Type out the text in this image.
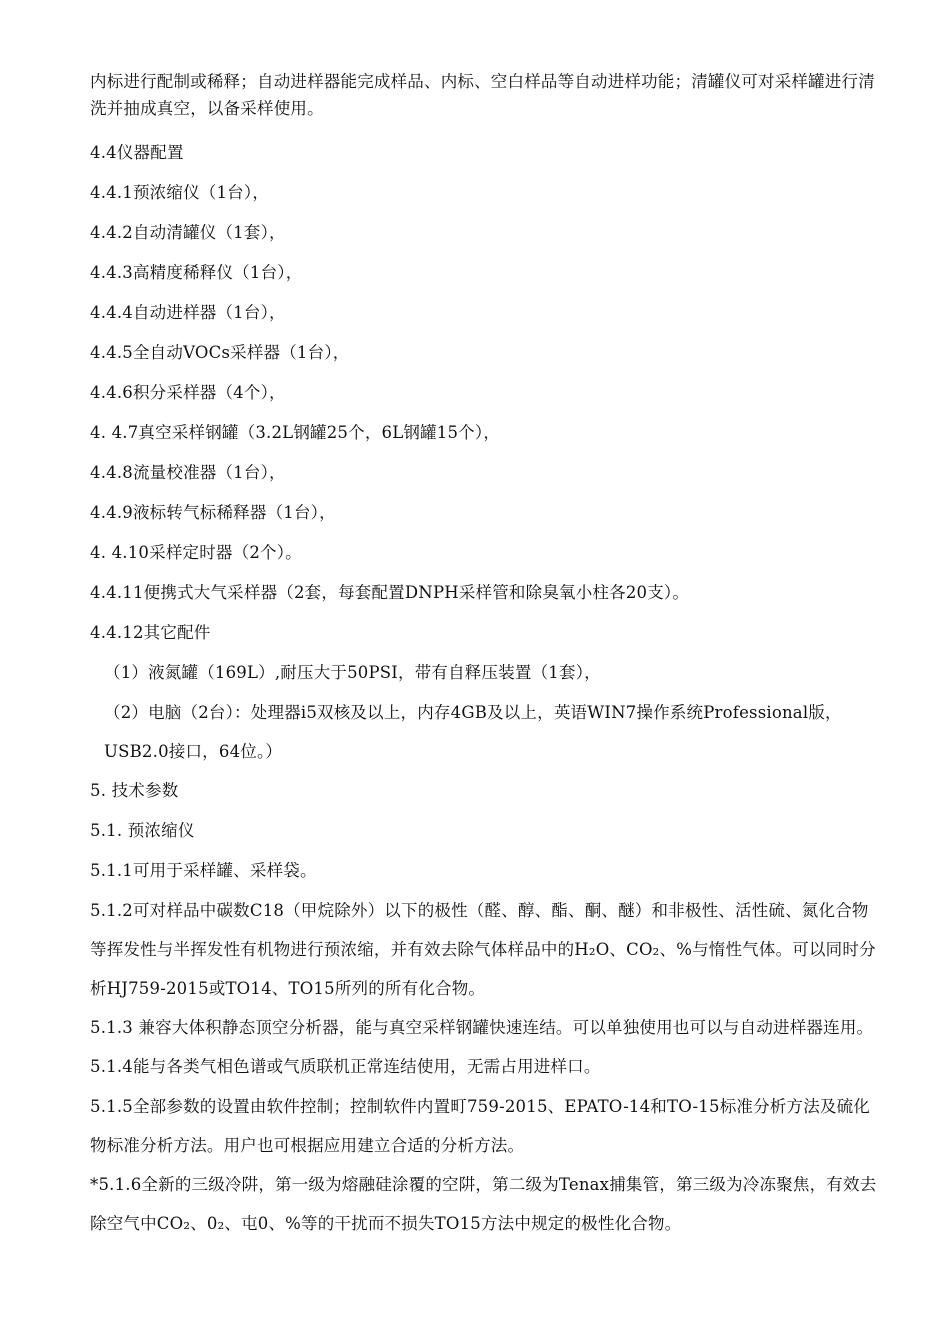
内标进行配制或稀释；自动进样器能完成样品、内标、空白样品等自动进样功能；清罐仪可对采样罐进行清洗并抽成真空，以备采样使用。

4.4仪器配置
4.4.1预浓缩仪（1台），
4.4.2自动清罐仪（1套），
4.4.3高精度稀释仪（1台），
4.4.4自动进样器（1台），
4.4.5全自动VOCs采样器（1台），
4.4.6积分采样器（4个），
4. 4.7真空采样钢罐（3.2L钢罐25个，6L钢罐15个），
4.4.8流量校准器（1台），
4.4.9液标转气标稀释器（1台），
4. 4.10采样定时器（2个）。
4.4.11便携式大气采样器（2套，每套配置DNPH采样管和除臭氧小柱各20支）。
4.4.12其它配件
（1）液氮罐（169L）,耐压大于50PSI，带有自释压装置（1套），
（2）电脑（2台）：处理器i5双核及以上，内存4GB及以上，英语WIN7操作系统Professional版，USB2.0接口，64位。）
5. 技术参数
5.1. 预浓缩仪
5.1.1可用于采样罐、采样袋。
5.1.2可对样品中碳数C18（甲烷除外）以下的极性（醛、醇、酯、酮、醚）和非极性、活性硫、氮化合物等挥发性与半挥发性有机物进行预浓缩，并有效去除气体样品中的H₂O、CO₂、%与惰性气体。可以同时分析HJ759-2015或TO14、TO15所列的所有化合物。
5.1.3 兼容大体积静态顶空分析器，能与真空采样钢罐快速连结。可以单独使用也可以与自动进样器连用。
5.1.4能与各类气相色谱或气质联机正常连结使用，无需占用进样口。
5.1.5全部参数的设置由软件控制；控制软件内置町759-2015、EPATO-14和TO-15标准分析方法及硫化物标准分析方法。用户也可根据应用建立合适的分析方法。
*5.1.6全新的三级冷阱，第一级为熔融硅涂覆的空阱，第二级为Tenax捕集管，第三级为冷冻聚焦，有效去除空气中CO₂、0₂、屯0、%等的干扰而不损失TO15方法中规定的极性化合物。
